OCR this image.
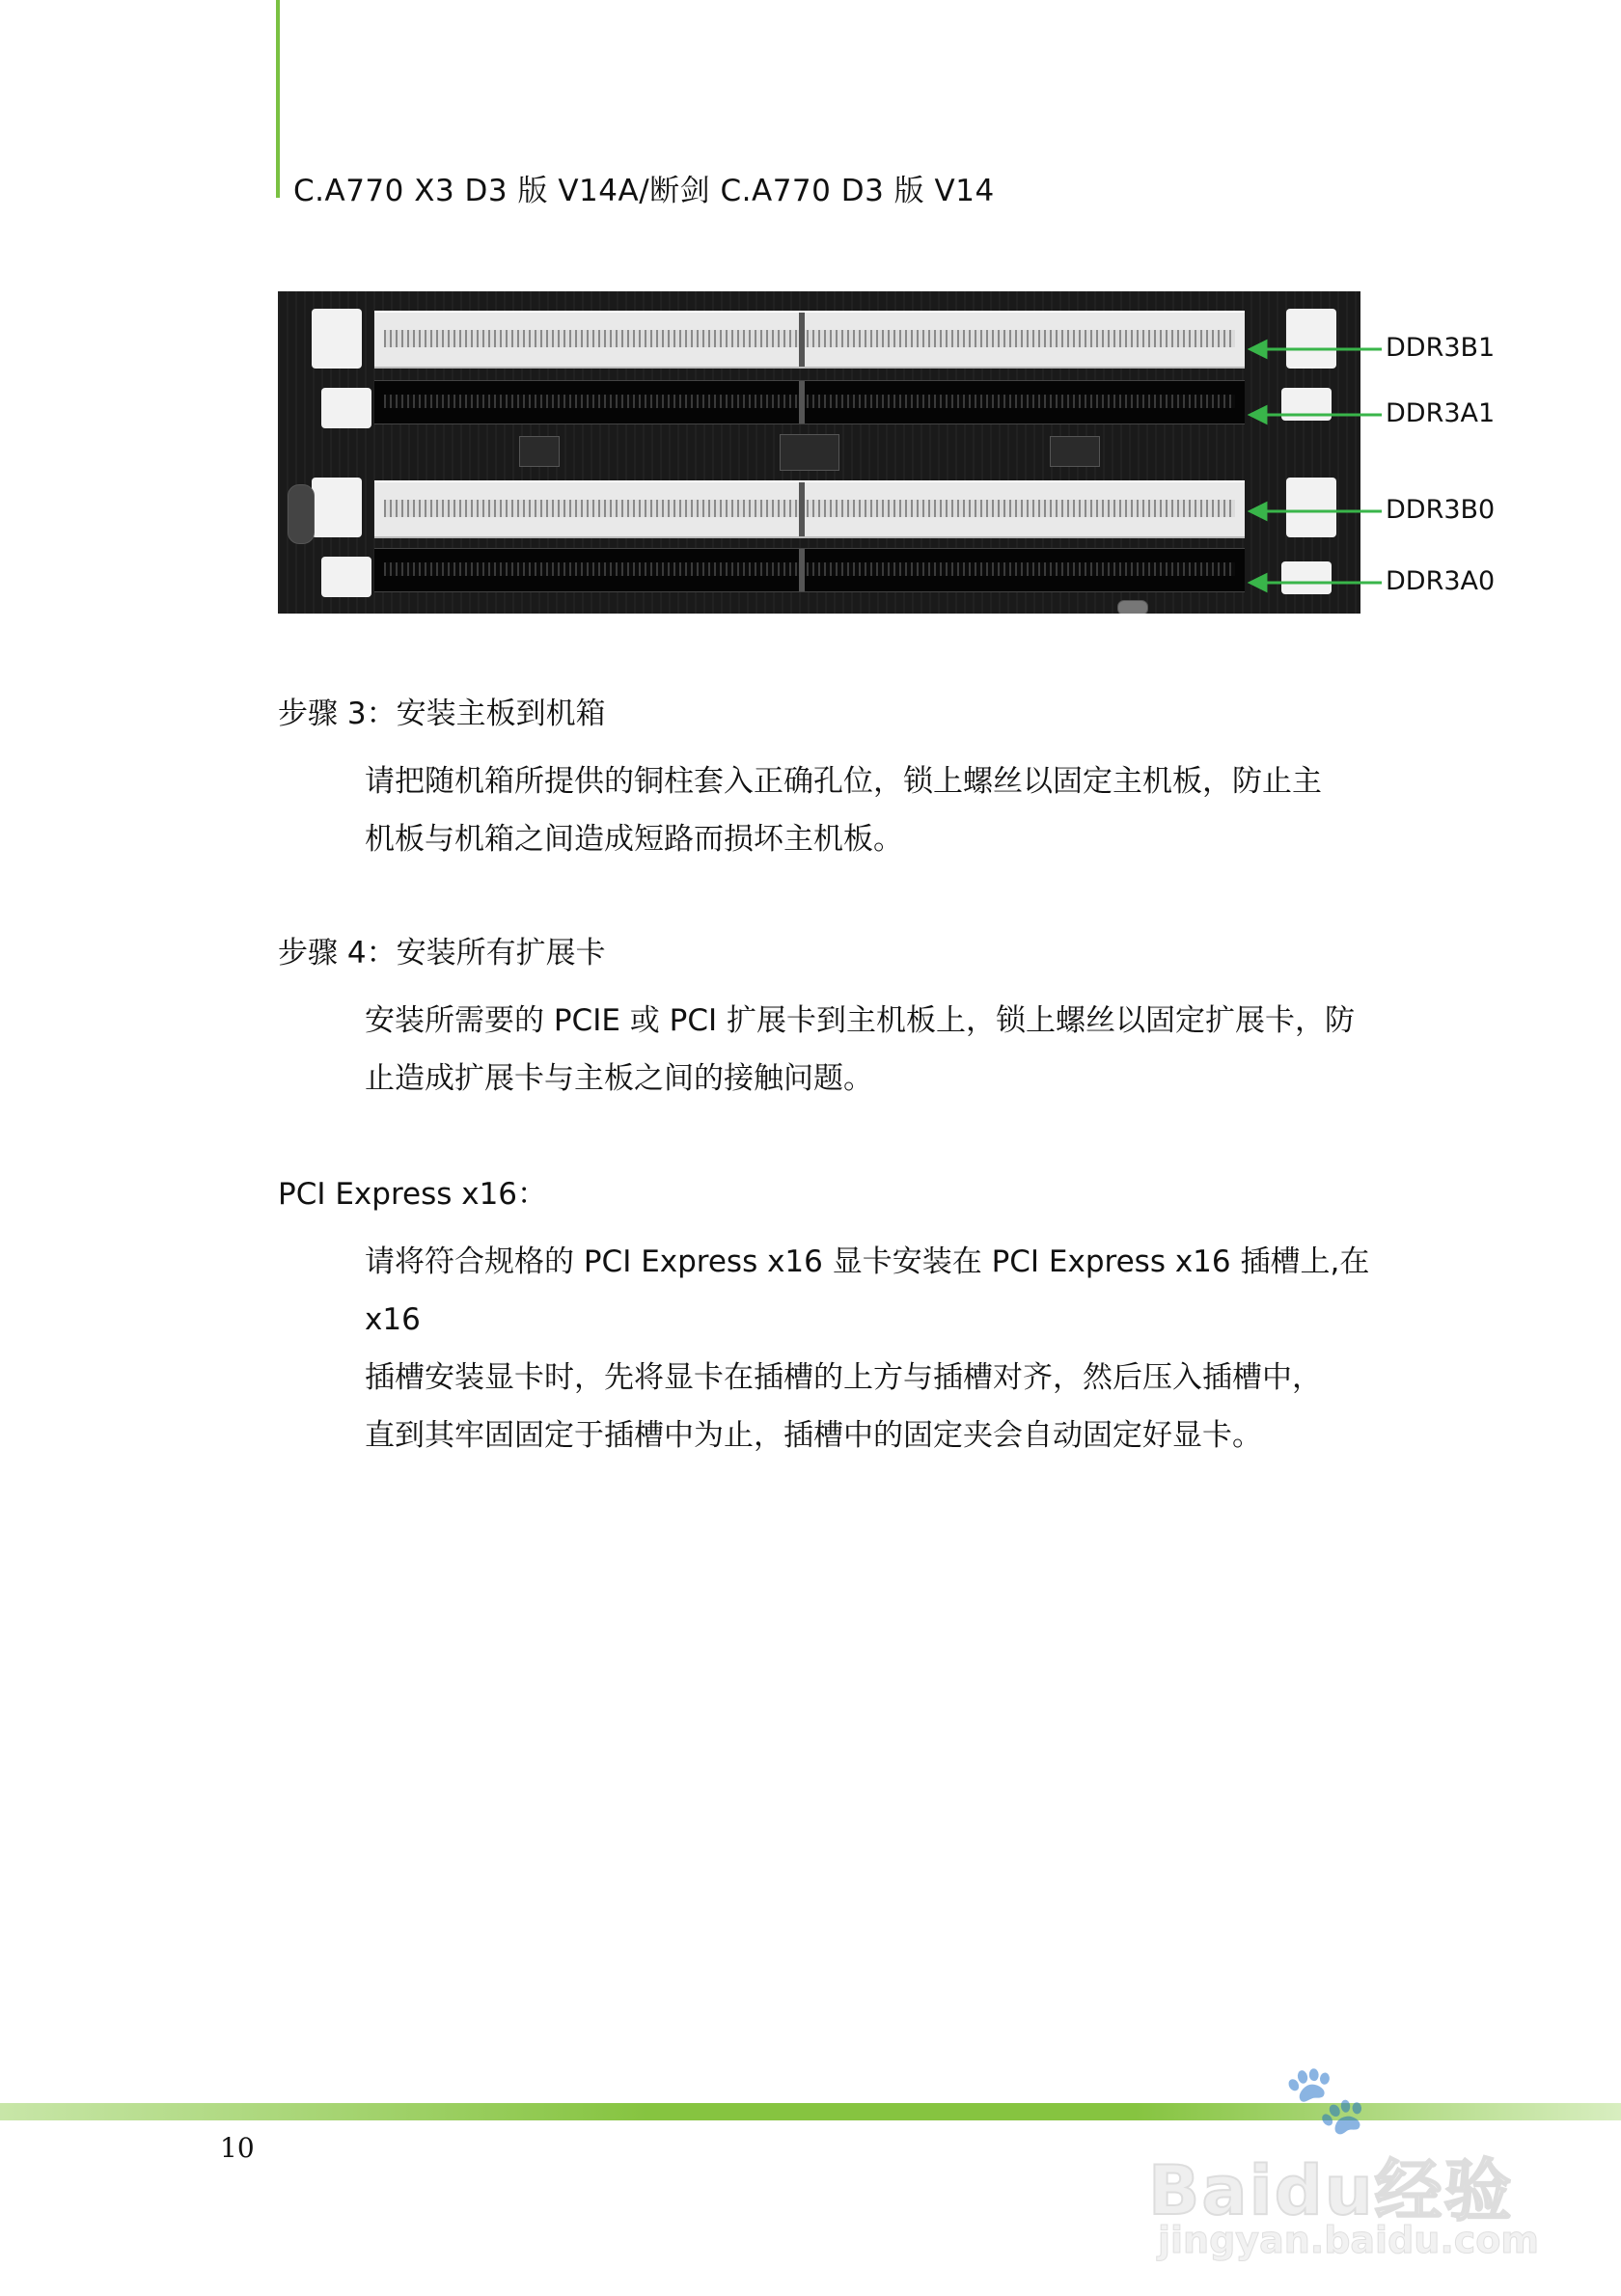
C.A770 X3 D3 版 V14A/断剑 C.A770 D3 版 V14
DDR3B1
DDR3A1
DDR3B0
DDR3A0
步骤 3：安装主板到机箱
请把随机箱所提供的铜柱套入正确孔位，锁上螺丝以固定主机板，防止主
机板与机箱之间造成短路而损坏主机板。
步骤 4：安装所有扩展卡
安装所需要的 PCIE 或 PCI 扩展卡到主机板上，锁上螺丝以固定扩展卡，防
止造成扩展卡与主板之间的接触问题。
PCI Express x16：
请将符合规格的 PCI Express x16 显卡安装在 PCI Express x16 插槽上,在 x16
插槽安装显卡时，先将显卡在插槽的上方与插槽对齐，然后压入插槽中，
直到其牢固固定于插槽中为止，插槽中的固定夹会自动固定好显卡。
10
🐾
Baidu经验
jingyan.baidu.com
